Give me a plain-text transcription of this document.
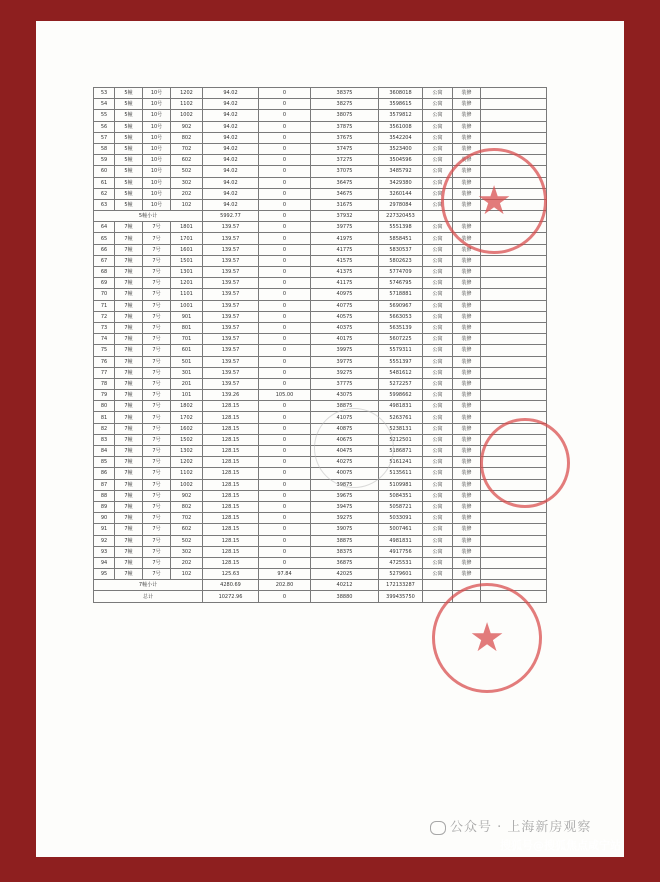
53	5幢	10号	1202	94.02	0	38375	3608018	公寓	装修	
54	5幢	10号	1102	94.02	0	38275	3598615	公寓	装修	
55	5幢	10号	1002	94.02	0	38075	3579812	公寓	装修	
56	5幢	10号	902	94.02	0	37875	3561008	公寓	装修	
57	5幢	10号	802	94.02	0	37675	3542204	公寓	装修	
58	5幢	10号	702	94.02	0	37475	3523400	公寓	装修	
59	5幢	10号	602	94.02	0	37275	3504596	公寓	装修	
60	5幢	10号	502	94.02	0	37075	3485792	公寓	装修	
61	5幢	10号	302	94.02	0	36475	3429380	公寓	装修	
62	5幢	10号	202	94.02	0	34675	3260144	公寓	装修	
63	5幢	10号	102	94.02	0	31675	2978084	公寓	装修	
5幢小计				5992.77	0	37932	227320453			
64	7幢	7号	1801	139.57	0	39775	5551398	公寓	装修	
65	7幢	7号	1701	139.57	0	41975	5858451	公寓	装修	
66	7幢	7号	1601	139.57	0	41775	5830537	公寓	装修	
67	7幢	7号	1501	139.57	0	41575	5802623	公寓	装修	
68	7幢	7号	1301	139.57	0	41375	5774709	公寓	装修	
69	7幢	7号	1201	139.57	0	41175	5746795	公寓	装修	
70	7幢	7号	1101	139.57	0	40975	5718881	公寓	装修	
71	7幢	7号	1001	139.57	0	40775	5690967	公寓	装修	
72	7幢	7号	901	139.57	0	40575	5663053	公寓	装修	
73	7幢	7号	801	139.57	0	40375	5635139	公寓	装修	
74	7幢	7号	701	139.57	0	40175	5607225	公寓	装修	
75	7幢	7号	601	139.57	0	39975	5579311	公寓	装修	
76	7幢	7号	501	139.57	0	39775	5551397	公寓	装修	
77	7幢	7号	301	139.57	0	39275	5481612	公寓	装修	
78	7幢	7号	201	139.57	0	37775	5272257	公寓	装修	
79	7幢	7号	101	139.26	105.00	43075	5998662	公寓	装修	
80	7幢	7号	1802	128.15	0	38875	4981831	公寓	装修	
81	7幢	7号	1702	128.15	0	41075	5263761	公寓	装修	
82	7幢	7号	1602	128.15	0	40875	5238131	公寓	装修	
83	7幢	7号	1502	128.15	0	40675	5212501	公寓	装修	
84	7幢	7号	1302	128.15	0	40475	5186871	公寓	装修	
85	7幢	7号	1202	128.15	0	40275	5161241	公寓	装修	
86	7幢	7号	1102	128.15	0	40075	5135611	公寓	装修	
87	7幢	7号	1002	128.15	0	39875	5109981	公寓	装修	
88	7幢	7号	902	128.15	0	39675	5084351	公寓	装修	
89	7幢	7号	802	128.15	0	39475	5058721	公寓	装修	
90	7幢	7号	702	128.15	0	39275	5033091	公寓	装修	
91	7幢	7号	602	128.15	0	39075	5007461	公寓	装修	
92	7幢	7号	502	128.15	0	38875	4981831	公寓	装修	
93	7幢	7号	302	128.15	0	38375	4917756	公寓	装修	
94	7幢	7号	202	128.15	0	36875	4725531	公寓	装修	
95	7幢	7号	102	125.63	97.84	42025	5279601	公寓	装修	
7幢小计				4280.69	202.80	40212	172133287			
总计				10272.96	0	38880	399435750			
★
★
公众号 · 上海新房观察
搜狐号@搜狐焦点咸宁站
